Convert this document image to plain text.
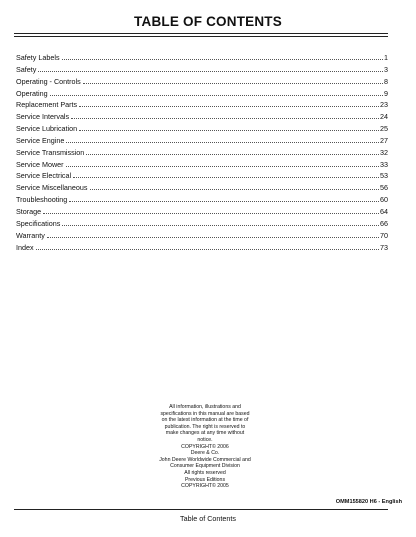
TABLE OF CONTENTS
Safety Labels	1
Safety	3
Operating - Controls	8
Operating	9
Replacement Parts	23
Service Intervals	24
Service Lubrication	25
Service Engine	27
Service Transmission	32
Service Mower	33
Service Electrical	53
Service Miscellaneous	56
Troubleshooting	60
Storage	64
Specifications	66
Warranty	70
Index	73
All information, illustrations and
specifications in this manual are based
on the latest information at the time of
publication. The right is reserved to
make changes at any time without
notice.
COPYRIGHT© 2006
Deere & Co.
John Deere Worldwide Commercial and
Consumer Equipment Division
All rights reserved
Previous Editions
COPYRIGHT© 2005
OMM155820 H6 - English
Table of Contents
